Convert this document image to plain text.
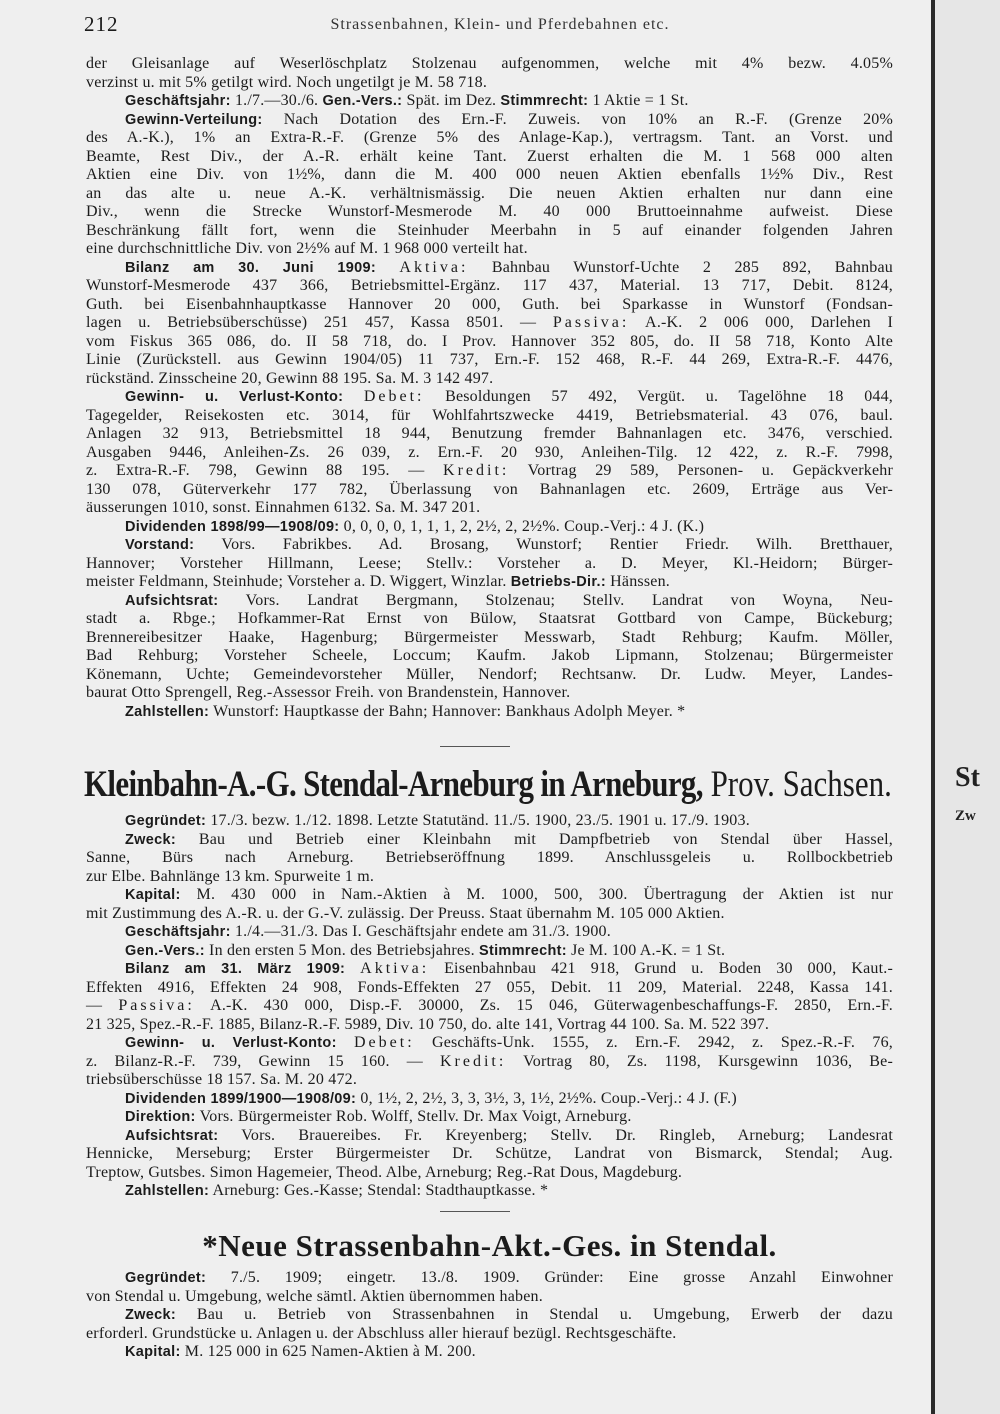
St
Zw
212	Strassenbahnen, Klein- und Pferdebahnen etc.
der Gleisanlage auf Weserlöschplatz Stolzenau aufgenommen, welche mit 4% bezw. 4.05%
verzinst u. mit 5% getilgt wird. Noch ungetilgt je M. 58 718.
Geschäftsjahr: 1./7.—30./6. Gen.-Vers.: Spät. im Dez. Stimmrecht: 1 Aktie = 1 St.
Gewinn-Verteilung: Nach Dotation des Ern.-F. Zuweis. von 10% an R.-F. (Grenze 20%
des A.-K.), 1% an Extra-R.-F. (Grenze 5% des Anlage-Kap.), vertragsm. Tant. an Vorst. und
Beamte, Rest Div., der A.-R. erhält keine Tant. Zuerst erhalten die M. 1 568 000 alten
Aktien eine Div. von 1½%, dann die M. 400 000 neuen Aktien ebenfalls 1½% Div., Rest
an das alte u. neue A.-K. verhältnismässig. Die neuen Aktien erhalten nur dann eine
Div., wenn die Strecke Wunstorf-Mesmerode M. 40 000 Bruttoeinnahme aufweist. Diese
Beschränkung fällt fort, wenn die Steinhuder Meerbahn in 5 auf einander folgenden Jahren
eine durchschnittliche Div. von 2½% auf M. 1 968 000 verteilt hat.
Bilanz am 30. Juni 1909: Aktiva: Bahnbau Wunstorf-Uchte 2 285 892, Bahnbau
Wunstorf-Mesmerode 437 366, Betriebsmittel-Ergänz. 117 437, Material. 13 717, Debit. 8124,
Guth. bei Eisenbahnhauptkasse Hannover 20 000, Guth. bei Sparkasse in Wunstorf (Fondsan-
lagen u. Betriebsüberschüsse) 251 457, Kassa 8501. — Passiva: A.-K. 2 006 000, Darlehen I
vom Fiskus 365 086, do. II 58 718, do. I Prov. Hannover 352 805, do. II 58 718, Konto Alte
Linie (Zurückstell. aus Gewinn 1904/05) 11 737, Ern.-F. 152 468, R.-F. 44 269, Extra-R.-F. 4476,
rückständ. Zinsscheine 20, Gewinn 88 195. Sa. M. 3 142 497.
Gewinn- u. Verlust-Konto: Debet: Besoldungen 57 492, Vergüt. u. Tagelöhne 18 044,
Tagegelder, Reisekosten etc. 3014, für Wohlfahrtszwecke 4419, Betriebsmaterial. 43 076, baul.
Anlagen 32 913, Betriebsmittel 18 944, Benutzung fremder Bahnanlagen etc. 3476, verschied.
Ausgaben 9446, Anleihen-Zs. 26 039, z. Ern.-F. 20 930, Anleihen-Tilg. 12 422, z. R.-F. 7998,
z. Extra-R.-F. 798, Gewinn 88 195. — Kredit: Vortrag 29 589, Personen- u. Gepäckverkehr
130 078, Güterverkehr 177 782, Überlassung von Bahnanlagen etc. 2609, Erträge aus Ver-
äusserungen 1010, sonst. Einnahmen 6132. Sa. M. 347 201.
Dividenden 1898/99—1908/09: 0, 0, 0, 0, 1, 1, 1, 2, 2½, 2, 2½%. Coup.-Verj.: 4 J. (K.)
Vorstand: Vors. Fabrikbes. Ad. Brosang, Wunstorf; Rentier Friedr. Wilh. Bretthauer,
Hannover; Vorsteher Hillmann, Leese; Stellv.: Vorsteher a. D. Meyer, Kl.-Heidorn; Bürger-
meister Feldmann, Steinhude; Vorsteher a. D. Wiggert, Winzlar. Betriebs-Dir.: Hänssen.
Aufsichtsrat: Vors. Landrat Bergmann, Stolzenau; Stellv. Landrat von Woyna, Neu-
stadt a. Rbge.; Hofkammer-Rat Ernst von Bülow, Staatsrat Gottbard von Campe, Bückeburg;
Brennereibesitzer Haake, Hagenburg; Bürgermeister Messwarb, Stadt Rehburg; Kaufm. Möller,
Bad Rehburg; Vorsteher Scheele, Loccum; Kaufm. Jakob Lipmann, Stolzenau; Bürgermeister
Könemann, Uchte; Gemeindevorsteher Müller, Nendorf; Rechtsanw. Dr. Ludw. Meyer, Landes-
baurat Otto Sprengell, Reg.-Assessor Freih. von Brandenstein, Hannover.
Zahlstellen: Wunstorf: Hauptkasse der Bahn; Hannover: Bankhaus Adolph Meyer. *
Kleinbahn-A.-G. Stendal-Arneburg in Arneburg, Prov. Sachsen.
Gegründet: 17./3. bezw. 1./12. 1898. Letzte Statutänd. 11./5. 1900, 23./5. 1901 u. 17./9. 1903.
Zweck: Bau und Betrieb einer Kleinbahn mit Dampfbetrieb von Stendal über Hassel,
Sanne, Bürs nach Arneburg. Betriebseröffnung 1899. Anschlussgeleis u. Rollbockbetrieb
zur Elbe. Bahnlänge 13 km. Spurweite 1 m.
Kapital: M. 430 000 in Nam.-Aktien à M. 1000, 500, 300. Übertragung der Aktien ist nur
mit Zustimmung des A.-R. u. der G.-V. zulässig. Der Preuss. Staat übernahm M. 105 000 Aktien.
Geschäftsjahr: 1./4.—31./3. Das I. Geschäftsjahr endete am 31./3. 1900.
Gen.-Vers.: In den ersten 5 Mon. des Betriebsjahres. Stimmrecht: Je M. 100 A.-K. = 1 St.
Bilanz am 31. März 1909: Aktiva: Eisenbahnbau 421 918, Grund u. Boden 30 000, Kaut.-
Effekten 4916, Effekten 24 908, Fonds-Effekten 27 055, Debit. 11 209, Material. 2248, Kassa 141.
— Passiva: A.-K. 430 000, Disp.-F. 30000, Zs. 15 046, Güterwagenbeschaffungs-F. 2850, Ern.-F.
21 325, Spez.-R.-F. 1885, Bilanz-R.-F. 5989, Div. 10 750, do. alte 141, Vortrag 44 100. Sa. M. 522 397.
Gewinn- u. Verlust-Konto: Debet: Geschäfts-Unk. 1555, z. Ern.-F. 2942, z. Spez.-R.-F. 76,
z. Bilanz-R.-F. 739, Gewinn 15 160. — Kredit: Vortrag 80, Zs. 1198, Kursgewinn 1036, Be-
triebsüberschüsse 18 157. Sa. M. 20 472.
Dividenden 1899/1900—1908/09: 0, 1½, 2, 2½, 3, 3, 3½, 3, 1½, 2½%. Coup.-Verj.: 4 J. (F.)
Direktion: Vors. Bürgermeister Rob. Wolff, Stellv. Dr. Max Voigt, Arneburg.
Aufsichtsrat: Vors. Brauereibes. Fr. Kreyenberg; Stellv. Dr. Ringleb, Arneburg; Landesrat
Hennicke, Merseburg; Erster Bürgermeister Dr. Schütze, Landrat von Bismarck, Stendal; Aug.
Treptow, Gutsbes. Simon Hagemeier, Theod. Albe, Arneburg; Reg.-Rat Dous, Magdeburg.
Zahlstellen: Arneburg: Ges.-Kasse; Stendal: Stadthauptkasse. *
*Neue Strassenbahn-Akt.-Ges. in Stendal.
Gegründet: 7./5. 1909; eingetr. 13./8. 1909. Gründer: Eine grosse Anzahl Einwohner
von Stendal u. Umgebung, welche sämtl. Aktien übernommen haben.
Zweck: Bau u. Betrieb von Strassenbahnen in Stendal u. Umgebung, Erwerb der dazu
erforderl. Grundstücke u. Anlagen u. der Abschluss aller hierauf bezügl. Rechtsgeschäfte.
Kapital: M. 125 000 in 625 Namen-Aktien à M. 200.
